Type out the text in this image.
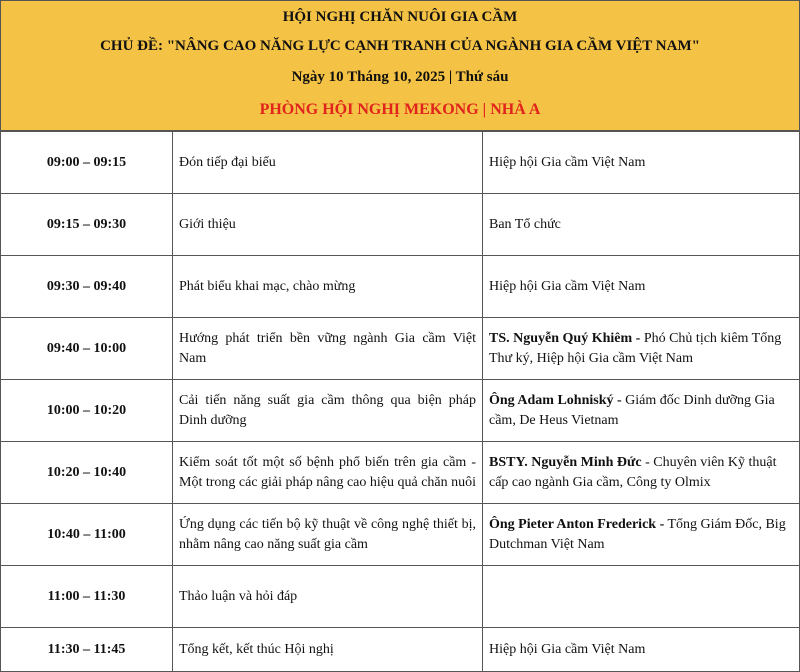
HỘI NGHỊ CHĂN NUÔI GIA CẦM
CHỦ ĐỀ: "NÂNG CAO NĂNG LỰC CẠNH TRANH CỦA NGÀNH GIA CẦM VIỆT NAM"
Ngày 10 Tháng 10, 2025 | Thứ sáu
PHÒNG HỘI NGHỊ MEKONG | NHÀ A
09:00 – 09:15	Đón tiếp đại biểu	Hiệp hội Gia cầm Việt Nam
09:15 – 09:30	Giới thiệu	Ban Tổ chức
09:30 – 09:40	Phát biểu khai mạc, chào mừng	Hiệp hội Gia cầm Việt Nam
09:40 – 10:00	Hướng phát triển bền vững ngành Gia cầm Việt Nam	TS. Nguyễn Quý Khiêm - Phó Chủ tịch kiêm Tổng Thư ký, Hiệp hội Gia cầm Việt Nam
10:00 – 10:20	Cải tiến năng suất gia cầm thông qua biện pháp Dinh dưỡng	Ông Adam Lohniský - Giám đốc Dinh dưỡng Gia cầm, De Heus Vietnam
10:20 – 10:40	Kiểm soát tốt một số bệnh phổ biến trên gia cầm - Một trong các giải pháp nâng cao hiệu quả chăn nuôi	BSTY. Nguyễn Minh Đức - Chuyên viên Kỹ thuật cấp cao ngành Gia cầm, Công ty Olmix
10:40 – 11:00	Ứng dụng các tiến bộ kỹ thuật về công nghệ thiết bị, nhằm nâng cao năng suất gia cầm	Ông Pieter Anton Frederick - Tổng Giám Đốc, Big Dutchman Việt Nam
11:00 – 11:30	Thảo luận và hỏi đáp	

11:30 – 11:45	Tổng kết, kết thúc Hội nghị	Hiệp hội Gia cầm Việt Nam
